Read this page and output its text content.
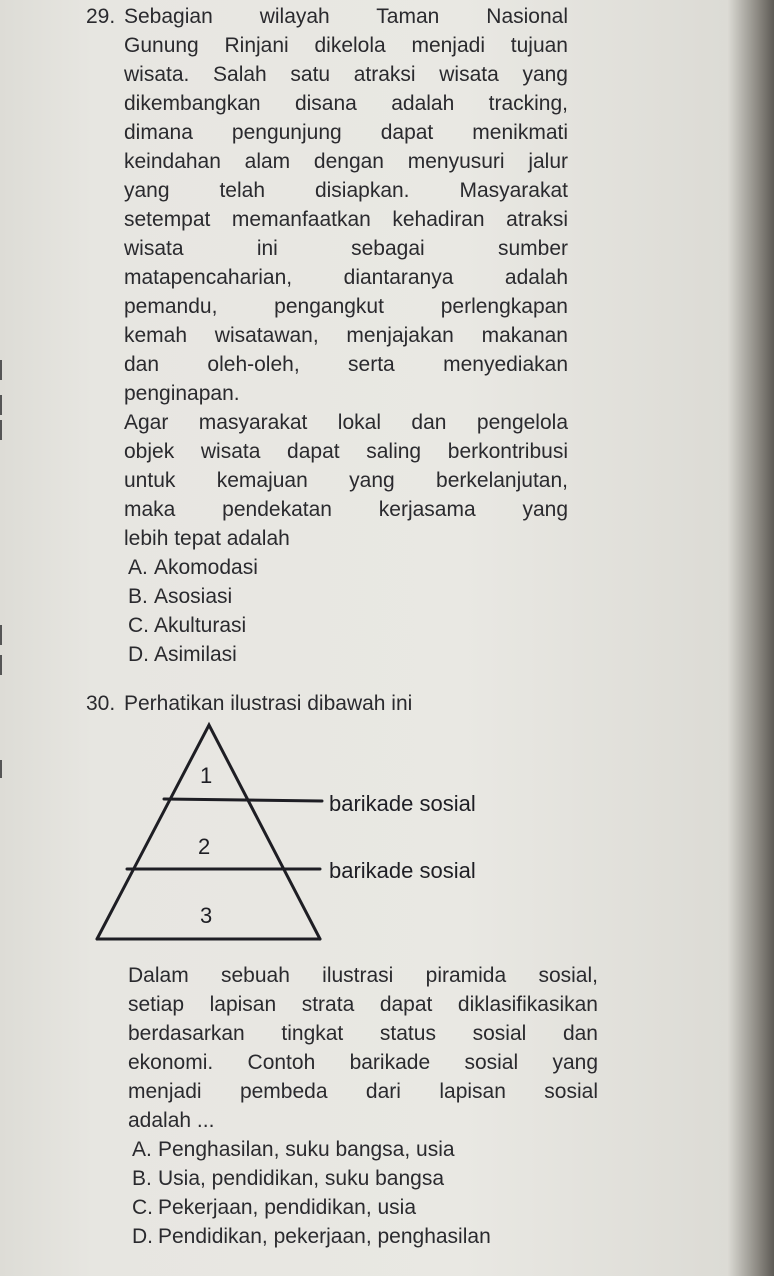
29. Sebagian wilayah Taman Nasional
Gunung Rinjani dikelola menjadi tujuan
wisata. Salah satu atraksi wisata yang
dikembangkan disana adalah tracking,
dimana pengunjung dapat menikmati
keindahan alam dengan menyusuri jalur
yang telah disiapkan. Masyarakat
setempat memanfaatkan kehadiran atraksi
wisata ini sebagai sumber
matapencaharian, diantaranya adalah
pemandu, pengangkut perlengkapan
kemah wisatawan, menjajakan makanan
dan oleh-oleh, serta menyediakan
penginapan.
Agar masyarakat lokal dan pengelola
objek wisata dapat saling berkontribusi
untuk kemajuan yang berkelanjutan,
maka pendekatan kerjasama yang
lebih tepat adalah
A. Akomodasi
B. Asosiasi
C. Akulturasi
D. Asimilasi
30. Perhatikan ilustrasi dibawah ini
1
2
3
barikade sosial
barikade sosial
Dalam sebuah ilustrasi piramida sosial,
setiap lapisan strata dapat diklasifikasikan
berdasarkan tingkat status sosial dan
ekonomi. Contoh barikade sosial yang
menjadi pembeda dari lapisan sosial
adalah ...
A. Penghasilan, suku bangsa, usia
B. Usia, pendidikan, suku bangsa
C. Pekerjaan, pendidikan, usia
D. Pendidikan, pekerjaan, penghasilan
